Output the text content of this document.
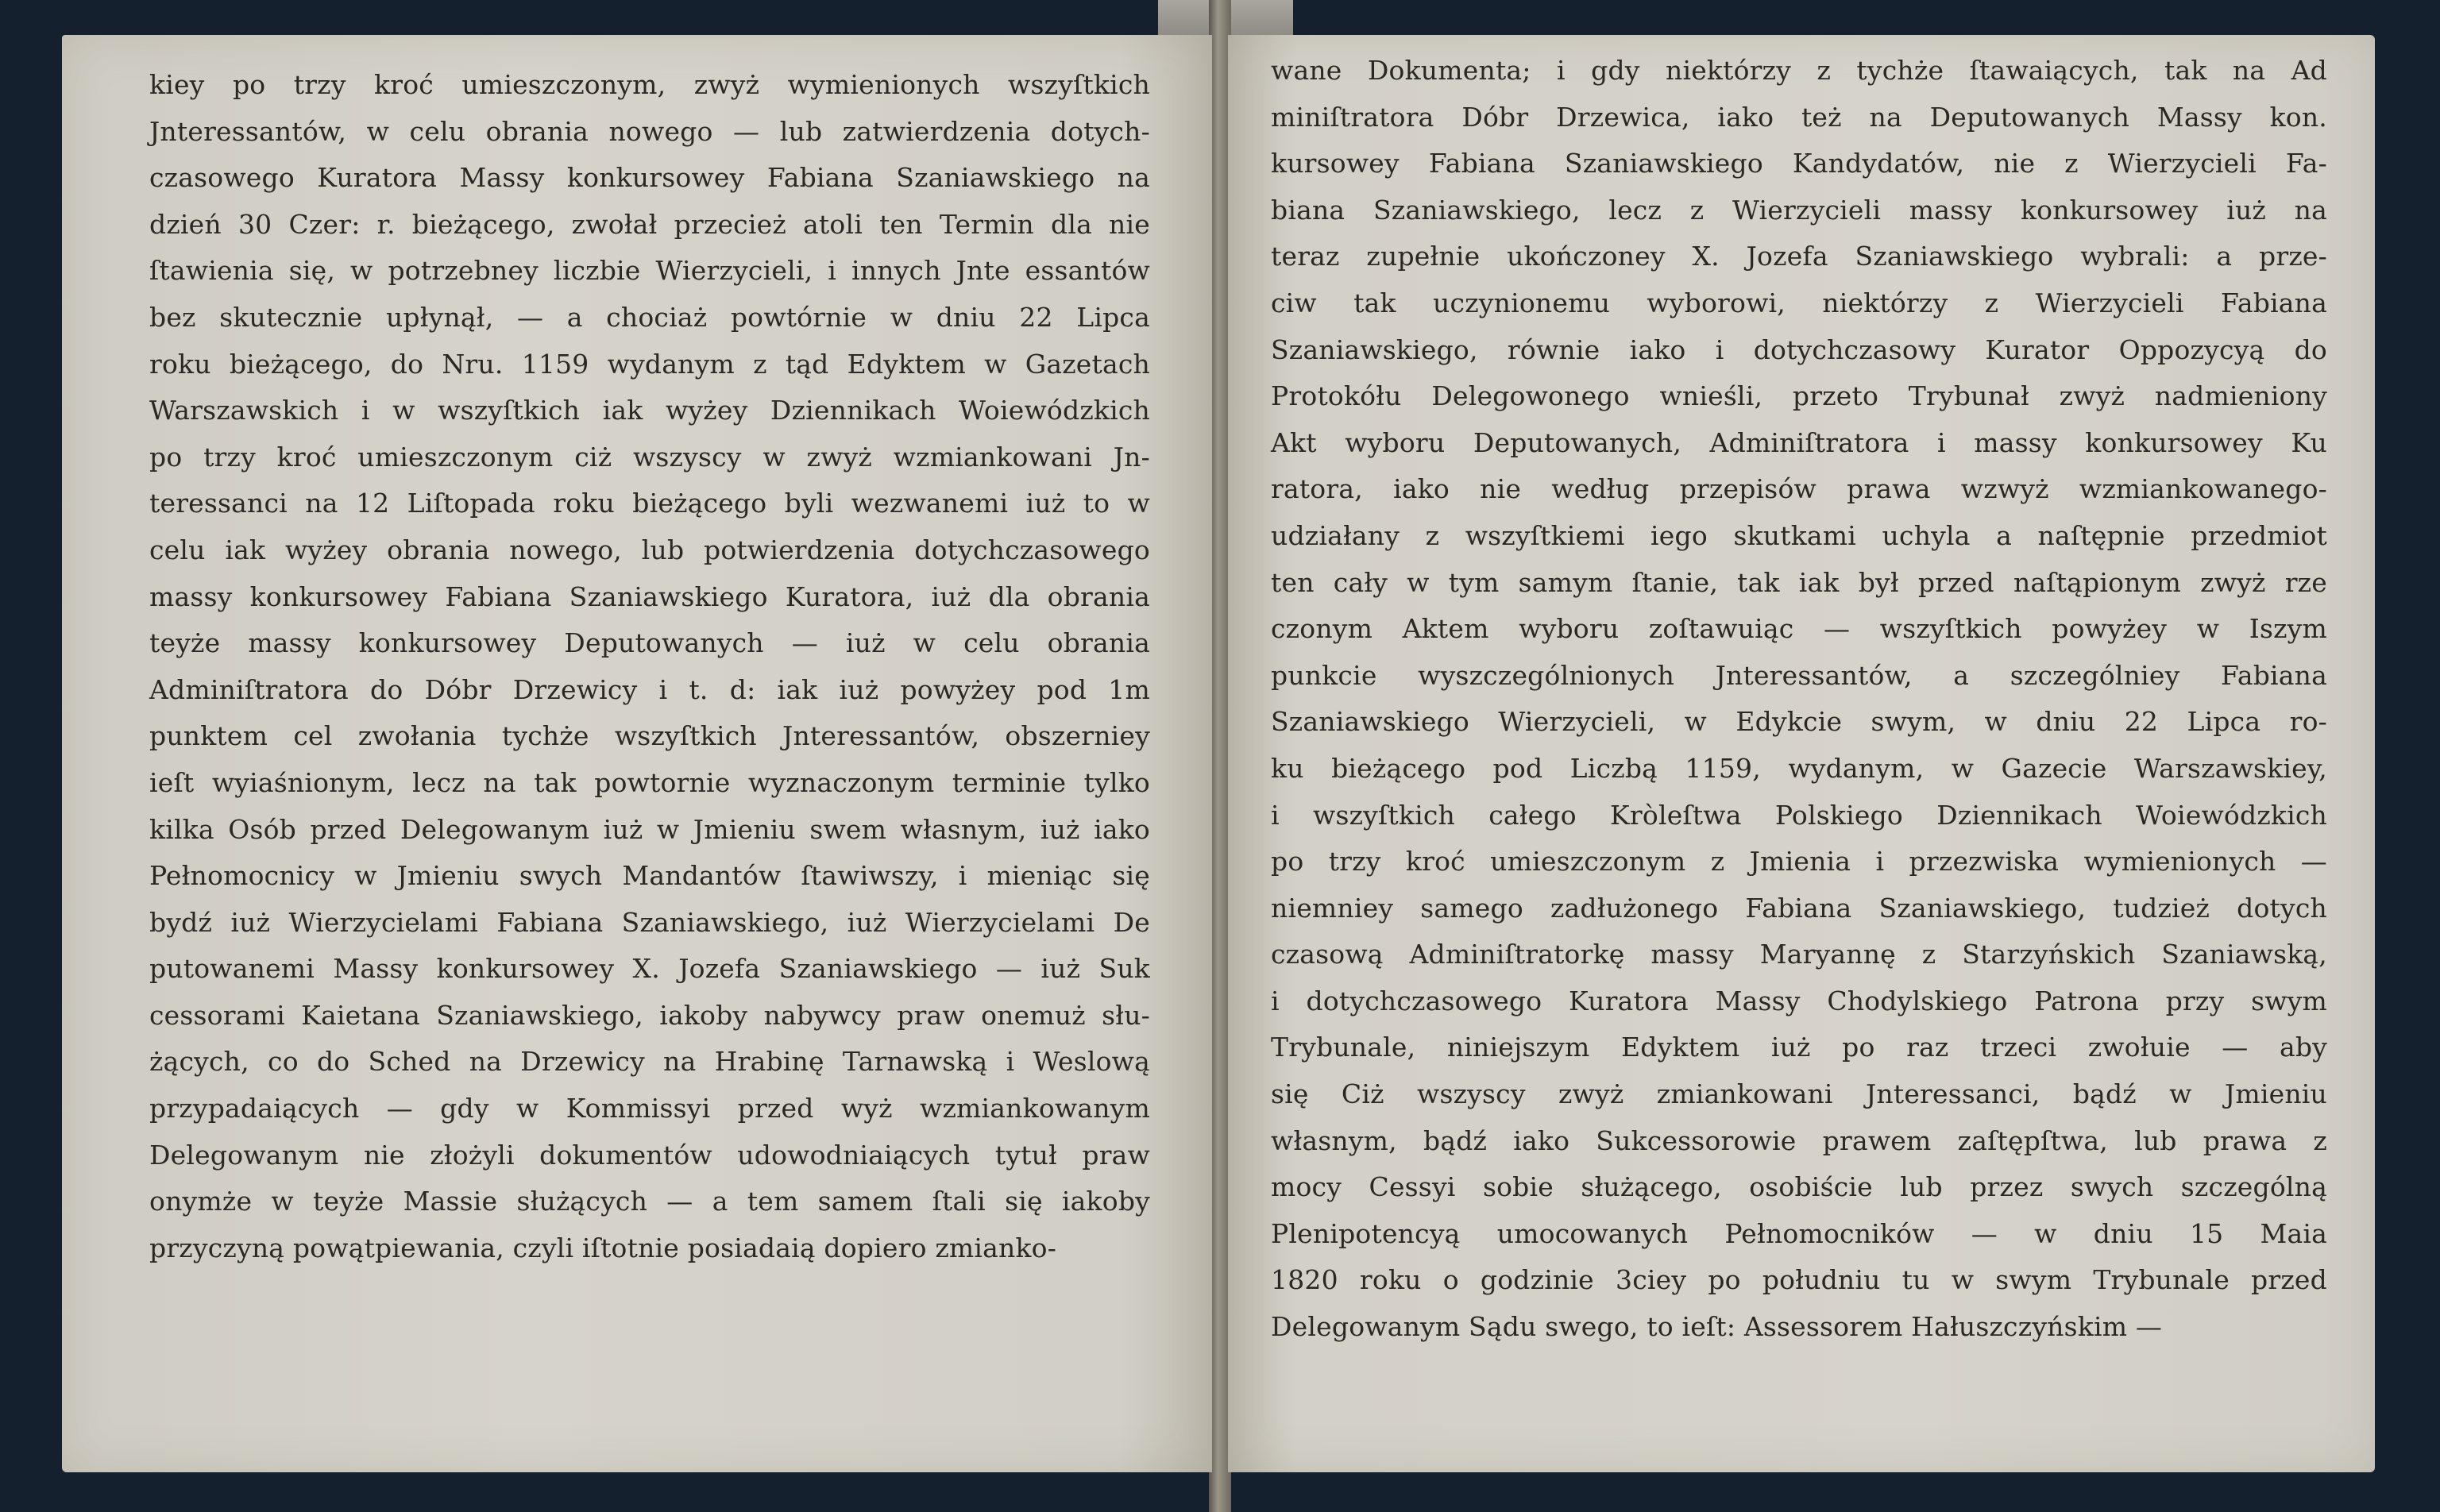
kiey po trzy kroć umieszczonym, zwyż wymienionych wszyſtkich
Jnteressantów, w celu obrania nowego — lub zatwierdzenia dotych-
czasowego Kuratora Massy konkursowey Fabiana Szaniawskiego na
dzień 30 Czer: r. bieżącego, zwołał przecież atoli ten Termin dla nie
ſtawienia się, w potrzebney liczbie Wierzycieli, i innych Jnte essantów
bez skutecznie upłynął, — a chociaż powtórnie w dniu 22 Lipca
roku bieżącego, do Nru. 1159 wydanym z tąd Edyktem w Gazetach
Warszawskich i w wszyſtkich iak wyżey Dziennikach Woiewódzkich
po trzy kroć umieszczonym ciż wszyscy w zwyż wzmiankowani Jn-
teressanci na 12 Liſtopada roku bieżącego byli wezwanemi iuż to w
celu iak wyżey obrania nowego, lub potwierdzenia dotychczasowego
massy konkursowey Fabiana Szaniawskiego Kuratora, iuż dla obrania
teyże massy konkursowey Deputowanych — iuż w celu obrania
Adminiſtratora do Dóbr Drzewicy i t. d: iak iuż powyżey pod 1m
punktem cel zwołania tychże wszyſtkich Jnteressantów, obszerniey
ieſt wyiaśnionym, lecz na tak powtornie wyznaczonym terminie tylko
kilka Osób przed Delegowanym iuż w Jmieniu swem własnym, iuż iako
Pełnomocnicy w Jmieniu swych Mandantów ſtawiwszy, i mieniąc się
bydź iuż Wierzycielami Fabiana Szaniawskiego, iuż Wierzycielami De
putowanemi Massy konkursowey X. Jozefa Szaniawskiego — iuż Suk
cessorami Kaietana Szaniawskiego, iakoby nabywcy praw onemuż słu-
żących, co do Sched na Drzewicy na Hrabinę Tarnawską i Weslową
przypadaiących — gdy w Kommissyi przed wyż wzmiankowanym
Delegowanym nie złożyli dokumentów udowodniaiących tytuł praw
onymże w teyże Massie służących — a tem samem ſtali się iakoby
przyczyną powątpiewania, czyli iſtotnie posiadaią dopiero zmianko-
wane Dokumenta; i gdy niektórzy z tychże ſtawaiących, tak na Ad
miniſtratora Dóbr Drzewica, iako też na Deputowanych Massy kon.
kursowey Fabiana Szaniawskiego Kandydatów, nie z Wierzycieli Fa-
biana Szaniawskiego, lecz z Wierzycieli massy konkursowey iuż na
teraz zupełnie ukończoney X. Jozefa Szaniawskiego wybrali: a prze-
ciw tak uczynionemu wyborowi, niektórzy z Wierzycieli Fabiana
Szaniawskiego, równie iako i dotychczasowy Kurator Oppozycyą do
Protokółu Delegowonego wnieśli, przeto Trybunał zwyż nadmieniony
Akt wyboru Deputowanych, Adminiſtratora i massy konkursowey Ku
ratora, iako nie według przepisów prawa wzwyż wzmiankowanego-
udziałany z wszyſtkiemi iego skutkami uchyla a naſtępnie przedmiot
ten cały w tym samym ſtanie, tak iak był przed naſtąpionym zwyż rze
czonym Aktem wyboru zoſtawuiąc — wszyſtkich powyżey w Iszym
punkcie wyszczególnionych Jnteressantów, a szczególniey Fabiana
Szaniawskiego Wierzycieli, w Edykcie swym, w dniu 22 Lipca ro-
ku bieżącego pod Liczbą 1159, wydanym, w Gazecie Warszawskiey,
i wszyſtkich całego Kròleſtwa Polskiego Dziennikach Woiewódzkich
po trzy kroć umieszczonym z Jmienia i przezwiska wymienionych —
niemniey samego zadłużonego Fabiana Szaniawskiego, tudzież dotych
czasową Adminiſtratorkę massy Maryannę z Starzyńskich Szaniawską,
i dotychczasowego Kuratora Massy Chodylskiego Patrona przy swym
Trybunale, niniejszym Edyktem iuż po raz trzeci zwołuie — aby
się Ciż wszyscy zwyż zmiankowani Jnteressanci, bądź w Jmieniu
własnym, bądź iako Sukcessorowie prawem zaſtępſtwa, lub prawa z
mocy Cessyi sobie służącego, osobiście lub przez swych szczególną
Plenipotencyą umocowanych Pełnomocników — w dniu 15 Maia
1820 roku o godzinie 3ciey po południu tu w swym Trybunale przed
Delegowanym Sądu swego, to ieſt: Assessorem Hałuszczyńskim —
